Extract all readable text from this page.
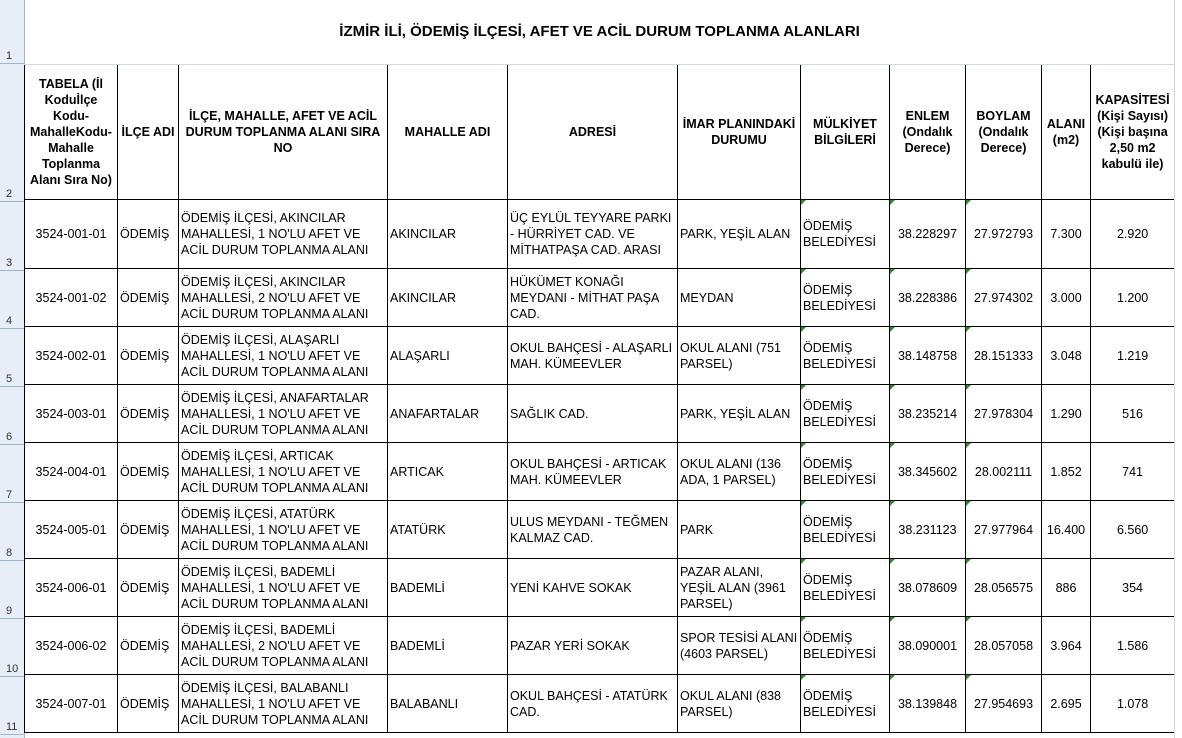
1
2
3
4
5
6
7
8
9
10
11
İZMİR İLİ, ÖDEMİŞ İLÇESİ, AFET VE ACİL DURUM TOPLANMA ALANLARI										
TABELA (İl Koduİlçe Kodu-MahalleKodu-Mahalle Toplanma Alanı Sıra No)	İLÇE ADI	İLÇE, MAHALLE, AFET VE ACİL DURUM TOPLANMA ALANI SIRA NO	MAHALLE ADI	ADRESİ	İMAR PLANINDAKİ DURUMU	MÜLKİYET BİLGİLERİ	ENLEM (Ondalık Derece)	BOYLAM (Ondalık Derece)	ALANI (m2)	KAPASİTESİ (Kişi Sayısı) (Kişi başına 2,50 m2 kabulü ile)
3524-001-01	ÖDEMİŞ	ÖDEMİŞ İLÇESİ, AKINCILAR MAHALLESİ, 1 NO'LU AFET VE ACİL DURUM TOPLANMA ALANI	AKINCILAR	ÜÇ EYLÜL TEYYARE PARKI - HÜRRİYET CAD. VE MİTHATPAŞA CAD. ARASI	PARK, YEŞİL ALAN	ÖDEMİŞ BELEDİYESİ	38.228297	27.972793	7.300	2.920
3524-001-02	ÖDEMİŞ	ÖDEMİŞ İLÇESİ, AKINCILAR MAHALLESİ, 2 NO'LU AFET VE ACİL DURUM TOPLANMA ALANI	AKINCILAR	HÜKÜMET KONAĞI MEYDANI - MİTHAT PAŞA CAD.	MEYDAN	ÖDEMİŞ BELEDİYESİ	38.228386	27.974302	3.000	1.200
3524-002-01	ÖDEMİŞ	ÖDEMİŞ İLÇESİ, ALAŞARLI MAHALLESİ, 1 NO'LU AFET VE ACİL DURUM TOPLANMA ALANI	ALAŞARLI	OKUL BAHÇESİ - ALAŞARLI MAH. KÜMEEVLER	OKUL ALANI (751 PARSEL)	ÖDEMİŞ BELEDİYESİ	38.148758	28.151333	3.048	1.219
3524-003-01	ÖDEMİŞ	ÖDEMİŞ İLÇESİ, ANAFARTALAR MAHALLESİ, 1 NO'LU AFET VE ACİL DURUM TOPLANMA ALANI	ANAFARTALAR	SAĞLIK CAD.	PARK, YEŞİL ALAN	ÖDEMİŞ BELEDİYESİ	38.235214	27.978304	1.290	516
3524-004-01	ÖDEMİŞ	ÖDEMİŞ İLÇESİ, ARTICAK MAHALLESİ, 1 NO'LU AFET VE ACİL DURUM TOPLANMA ALANI	ARTICAK	OKUL BAHÇESİ - ARTICAK MAH. KÜMEEVLER	OKUL ALANI (136 ADA, 1 PARSEL)	ÖDEMİŞ BELEDİYESİ	38.345602	28.002111	1.852	741
3524-005-01	ÖDEMİŞ	ÖDEMİŞ İLÇESİ, ATATÜRK MAHALLESİ, 1 NO'LU AFET VE ACİL DURUM TOPLANMA ALANI	ATATÜRK	ULUS MEYDANI - TEĞMEN KALMAZ CAD.	PARK	ÖDEMİŞ BELEDİYESİ	38.231123	27.977964	16.400	6.560
3524-006-01	ÖDEMİŞ	ÖDEMİŞ İLÇESİ, BADEMLİ MAHALLESİ, 1 NO'LU AFET VE ACİL DURUM TOPLANMA ALANI	BADEMLİ	YENİ KAHVE SOKAK	PAZAR ALANI, YEŞİL ALAN (3961 PARSEL)	ÖDEMİŞ BELEDİYESİ	38.078609	28.056575	886	354
3524-006-02	ÖDEMİŞ	ÖDEMİŞ İLÇESİ, BADEMLİ MAHALLESİ, 2 NO'LU AFET VE ACİL DURUM TOPLANMA ALANI	BADEMLİ	PAZAR YERİ SOKAK	SPOR TESİSİ ALANI (4603 PARSEL)	ÖDEMİŞ BELEDİYESİ	38.090001	28.057058	3.964	1.586
3524-007-01	ÖDEMİŞ	ÖDEMİŞ İLÇESİ, BALABANLI MAHALLESİ, 1 NO'LU AFET VE ACİL DURUM TOPLANMA ALANI	BALABANLI	OKUL BAHÇESİ - ATATÜRK CAD.	OKUL ALANI (838 PARSEL)	ÖDEMİŞ BELEDİYESİ	38.139848	27.954693	2.695	1.078
